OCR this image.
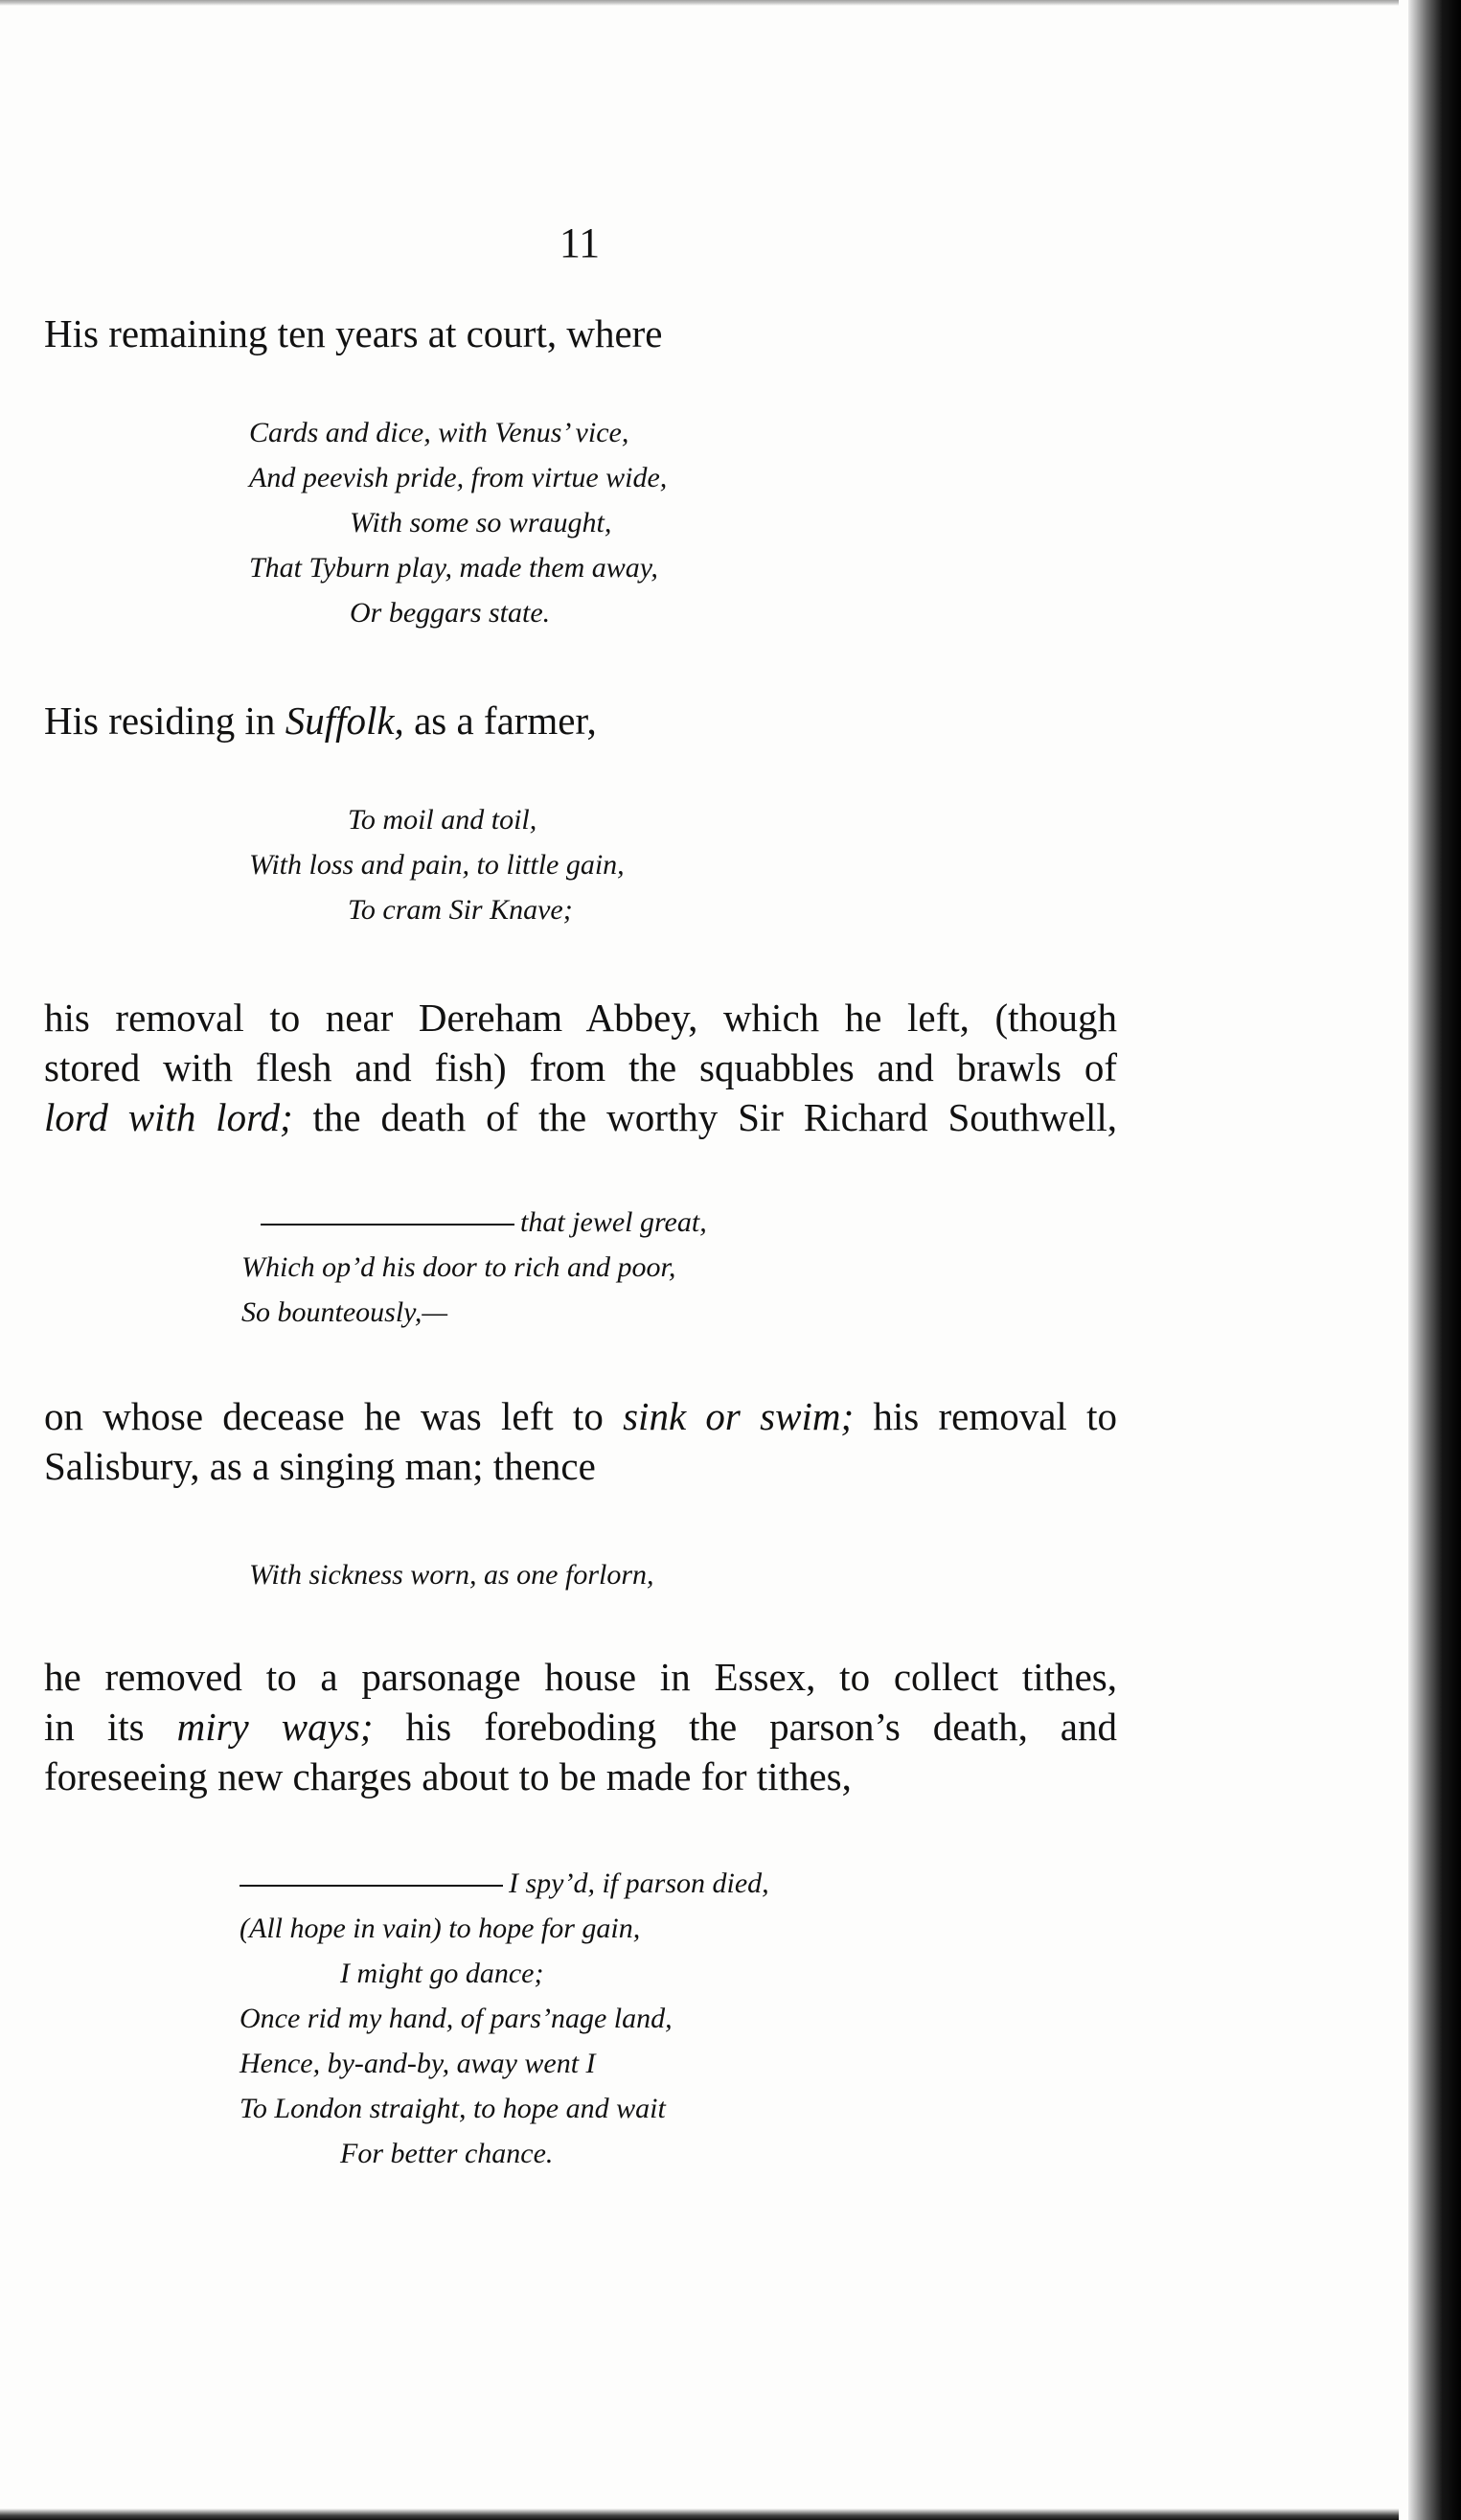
11
His remaining ten years at court, where
Cards and dice, with Venus’ vice,
And peevish pride, from virtue wide,
With some so wraught,
That Tyburn play, made them away,
Or beggars state.
His residing in Suffolk, as a farmer,
To moil and toil,
With loss and pain, to little gain,
To cram Sir Knave;
his removal to near Dereham Abbey, which he left, (though
stored with flesh and fish) from the squabbles and brawls of
lord with lord; the death of the worthy Sir Richard Southwell,
that jewel great,
Which op’d his door to rich and poor,
So bounteously,—
on whose decease he was left to sink or swim; his removal to
Salisbury, as a singing man; thence
With sickness worn, as one forlorn,
he removed to a parsonage house in Essex, to collect tithes,
in its miry ways; his foreboding the parson’s death, and
foreseeing new charges about to be made for tithes,
I spy’d, if parson died,
(All hope in vain) to hope for gain,
I might go dance;
Once rid my hand, of pars’nage land,
Hence, by-and-by, away went I
To London straight, to hope and wait
For better chance.
